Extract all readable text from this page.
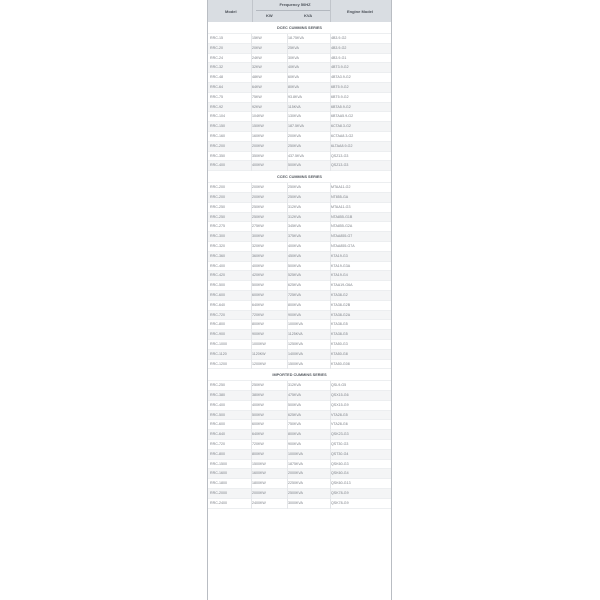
Model
Frequency 50HZ
KW	KVA
Engine Model
DCEC CUMMINS SERIES
RRC-15	15KW	18.75KVA	4B3.9-G2
RRC-20	20KW	25KVA	4B3.9-G2
RRC-24	24KW	30KVA	4B3.9-G1
RRC-32	32KW	40KVA	4BT3.9-G2
RRC-48	48KW	60KVA	4BTA3.9-G2
RRC-64	64KW	80KVA	6BT5.9-G2
RRC-75	75KW	93.8KVA	6BT5.9-G2
RRC-92	92KW	115KVA	6BTA5.9-G2
RRC-104	104KW	130KVA	6BTAA5.9-G2
RRC-150	150KW	187.5KVA	6CTA8.3-G2
RRC-160	160KW	200KVA	6CTAA8.3-G2
RRC-200	200KW	250KVA	6LTAA8.9-G2
RRC-350	350KW	437.5KVA	QSZ13-G3
RRC-400	400KW	500KVA	QSZ13-G3
CCEC CUMMINS SERIES
RRC-200	200KW	250KVA	MTAA11-G2
RRC-200	200KW	250KVA	NT855-GA
RRC-250	250KW	312KVA	MTAA11-G3
RRC-250	250KW	312KVA	NTA855-G1B
RRC-275	275KW	345KVA	NTA855-G2A
RRC-300	300KW	375KVA	NTAA855-G7
RRC-320	320KW	400KVA	NTAA855-G7A
RRC-360	360KW	450KVA	KTA19-G3
RRC-400	400KW	500KVA	KTA19-G3A
RRC-420	420KW	525KVA	KTA19-G4
RRC-500	500KW	625KVA	KTAA19-G6A
RRC-600	600KW	725KVA	KTA38-G2
RRC-640	640KW	800KVA	KTA38-G2B
RRC-720	720KW	900KVA	KTA38-G2A
RRC-800	800KW	1000KVA	KTA38-G5
RRC-900	900KW	1125KVA	KTA38-G5
RRC-1000	1000KW	1250KVA	KTA50-G3
RRC-1120	1120KW	1400KVA	KTA50-G8
RRC-1200	1200KW	1500KVA	KTA50-G08
IMPORTED CUMMINS SERIES
RRC-250	250KW	312KVA	QSL9-G5
RRC-380	380KW	475KVA	QSX15-G6
RRC-400	400KW	500KVA	QSX15-G9
RRC-500	500KW	625KVA	VTA28-G5
RRC-600	600KW	750KVA	VTA28-G6
RRC-640	640KW	800KVA	QSK23-G3
RRC-720	720KW	900KVA	QST30-G3
RRC-800	800KW	1000KVA	QST30-G4
RRC-1500	1500KW	1875KVA	QSK60-G3
RRC-1600	1600KW	2000KVA	QSK60-G4
RRC-1800	1800KW	2250KVA	QSK60-G13
RRC-2000	2000KW	2500KVA	QSK78-G9
RRC-2400	2400KW	3000KVA	QSK78-G9
